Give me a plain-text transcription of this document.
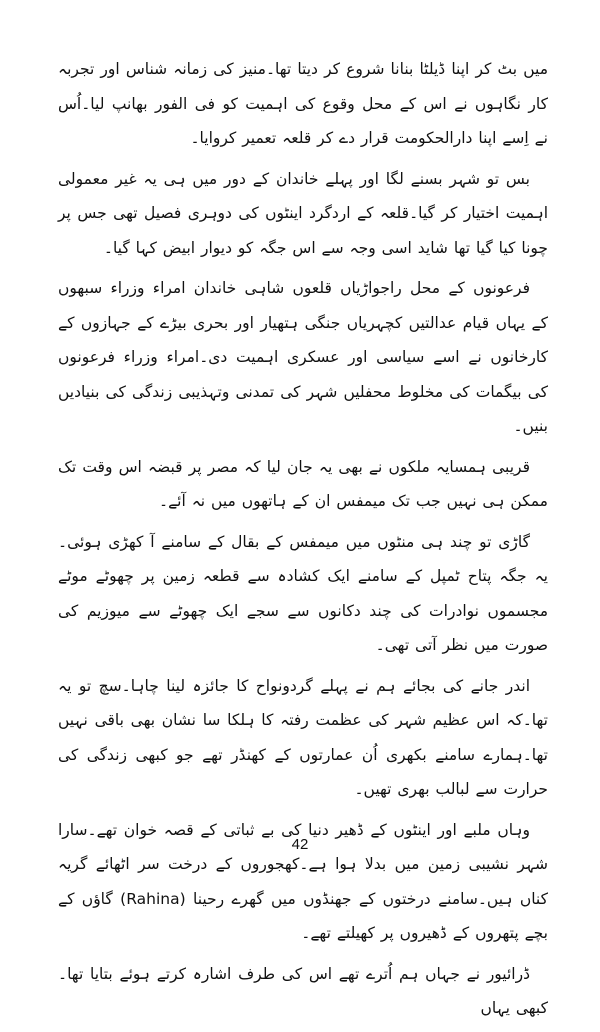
میں بٹ کر اپنا ڈیلٹا بنانا شروع کر دیتا تھا۔منیز کی زمانہ شناس اور تجربہ کار نگاہوں نے اس کے محل وقوع کی اہمیت کو فی الفور بھانپ لیا۔اُس نے اِسے اپنا دارالحکومت قرار دے کر قلعہ تعمیر کروایا۔

بس تو شہر بسنے لگا اور پہلے خاندان کے دور میں ہی یہ غیر معمولی اہمیت اختیار کر گیا۔قلعہ کے اردگرد اینٹوں کی دوہری فصیل تھی جس پر چونا کیا گیا تھا شاید اسی وجہ سے اس جگہ کو دیوار ابیض کہا گیا۔

فرعونوں کے محل راجواڑیاں قلعوں شاہی خاندان امراء وزراء سبھوں کے یہاں قیام عدالتیں کچہریاں جنگی ہتھیار اور بحری بیڑے کے جہازوں کے کارخانوں نے اسے سیاسی اور عسکری اہمیت دی۔امراء وزراء فرعونوں کی بیگمات کی مخلوط محفلیں شہر کی تمدنی وتہذیبی زندگی کی بنیادیں بنیں۔

قریبی ہمسایہ ملکوں نے بھی یہ جان لیا کہ مصر پر قبضہ اس وقت تک ممکن ہی نہیں جب تک میمفس ان کے ہاتھوں میں نہ آئے۔

گاڑی تو چند ہی منٹوں میں میمفس کے بقال کے سامنے آ کھڑی ہوئی۔یہ جگہ پتاح ٹمپل کے سامنے ایک کشادہ سے قطعہ زمین پر چھوٹے موٹے مجسموں نوادرات کی چند دکانوں سے سجے ایک چھوٹے سے میوزیم کی صورت میں نظر آتی تھی۔

اندر جانے کی بجائے ہم نے پہلے گردونواح کا جائزہ لینا چاہا۔سچ تو یہ تھا۔کہ اس عظیم شہر کی عظمت رفتہ کا ہلکا سا نشان بھی باقی نہیں تھا۔ہمارے سامنے بکھری اُن عمارتوں کے کھنڈر تھے جو کبھی زندگی کی حرارت سے لبالب بھری تھیں۔

وہاں ملبے اور اینٹوں کے ڈھیر دنیا کی بے ثباتی کے قصہ خوان تھے۔سارا شہر نشیبی زمین میں بدلا ہوا ہے۔کھجوروں کے درخت سر اٹھائے گریہ کناں ہیں۔سامنے درختوں کے جھنڈوں میں گھرے رحینا (Rahina) گاؤں کے بچے پتھروں کے ڈھیروں پر کھیلتے تھے۔

ڈرائیور نے جہاں ہم اُترے تھے اس کی طرف اشارہ کرتے ہوئے بتایا تھا۔کبھی یہاں

42
